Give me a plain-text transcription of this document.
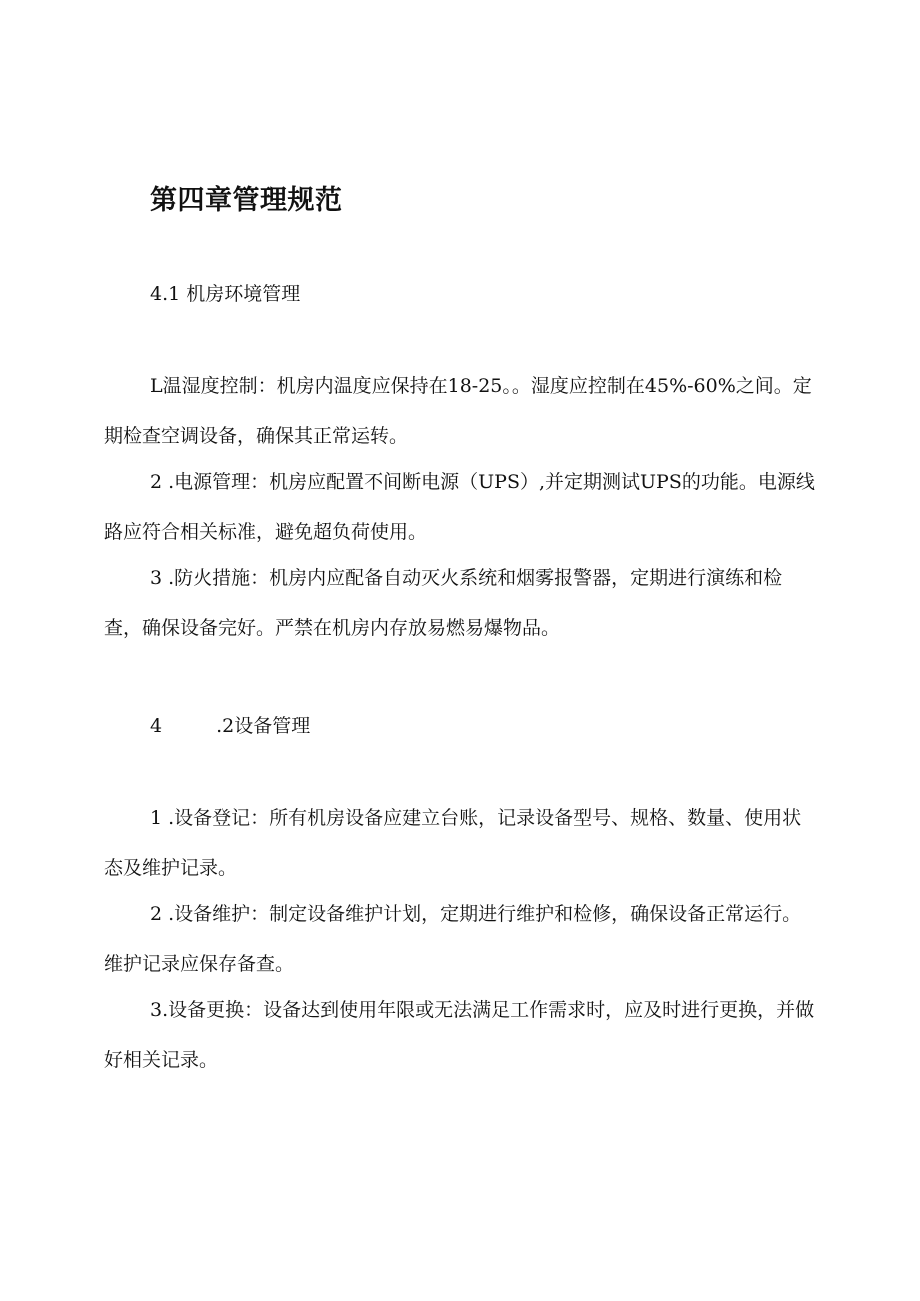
第四章管理规范
4.1 机房环境管理

L温湿度控制：机房内温度应保持在18-25。。湿度应控制在45%-60%之间。定期检查空调设备，确保其正常运转。

2 .电源管理：机房应配置不间断电源（UPS）,并定期测试UPS的功能。电源线路应符合相关标准，避免超负荷使用。

3 .防火措施：机房内应配备自动灭火系统和烟雾报警器，定期进行演练和检查，确保设备完好。严禁在机房内存放易燃易爆物品。

4	.2设备管理

1 .设备登记：所有机房设备应建立台账，记录设备型号、规格、数量、使用状态及维护记录。

2 .设备维护：制定设备维护计划，定期进行维护和检修，确保设备正常运行。维护记录应保存备查。

3.设备更换：设备达到使用年限或无法满足工作需求时，应及时进行更换，并做好相关记录。
